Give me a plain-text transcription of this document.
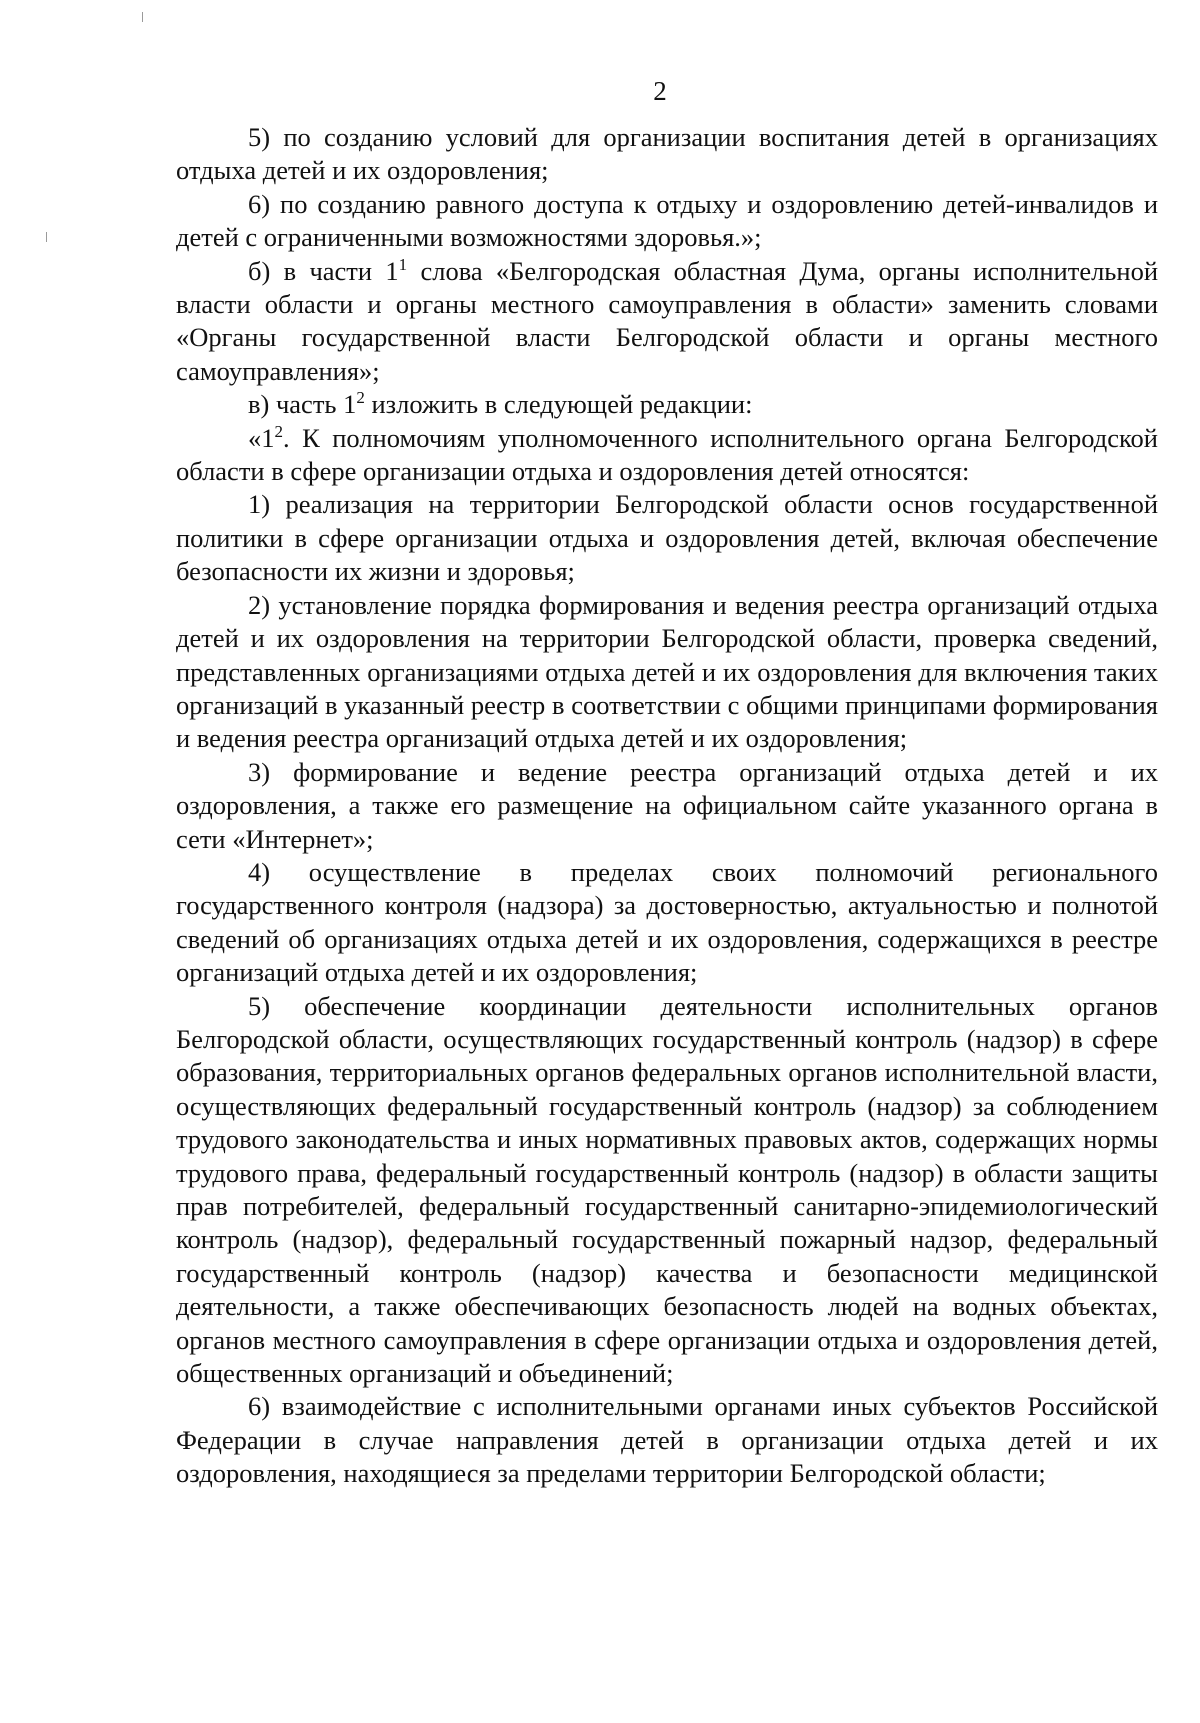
2

5) по созданию условий для организации воспитания детей в организациях отдыха детей и их оздоровления;

6) по созданию равного доступа к отдыху и оздоровлению детей-инвалидов и детей с ограниченными возможностями здоровья.»;

б) в части $1^1$ слова «Белгородская областная Дума, органы исполнительной власти области и органы местного самоуправления в области» заменить словами «Органы государственной власти Белгородской области и органы местного самоуправления»;

в) часть $1^2$ изложить в следующей редакции:

«$1^2$. К полномочиям уполномоченного исполнительного органа Белгородской области в сфере организации отдыха и оздоровления детей относятся:

1) реализация на территории Белгородской области основ государственной политики в сфере организации отдыха и оздоровления детей, включая обеспечение безопасности их жизни и здоровья;

2) установление порядка формирования и ведения реестра организаций отдыха детей и их оздоровления на территории Белгородской области, проверка сведений, представленных организациями отдыха детей и их оздоровления для включения таких организаций в указанный реестр в соответствии с общими принципами формирования и ведения реестра организаций отдыха детей и их оздоровления;

3) формирование и ведение реестра организаций отдыха детей и их оздоровления, а также его размещение на официальном сайте указанного органа в сети «Интернет»;

4) осуществление в пределах своих полномочий регионального государственного контроля (надзора) за достоверностью, актуальностью и полнотой сведений об организациях отдыха детей и их оздоровления, содержащихся в реестре организаций отдыха детей и их оздоровления;

5) обеспечение координации деятельности исполнительных органов Белгородской области, осуществляющих государственный контроль (надзор) в сфере образования, территориальных органов федеральных органов исполнительной власти, осуществляющих федеральный государственный контроль (надзор) за соблюдением трудового законодательства и иных нормативных правовых актов, содержащих нормы трудового права, федеральный государственный контроль (надзор) в области защиты прав потребителей, федеральный государственный санитарно-эпидемиологический контроль (надзор), федеральный государственный пожарный надзор, федеральный государственный контроль (надзор) качества и безопасности медицинской деятельности, а также обеспечивающих безопасность людей на водных объектах, органов местного самоуправления в сфере организации отдыха и оздоровления детей, общественных организаций и объединений;

6) взаимодействие с исполнительными органами иных субъектов Российской Федерации в случае направления детей в организации отдыха детей и их оздоровления, находящиеся за пределами территории Белгородской области;
